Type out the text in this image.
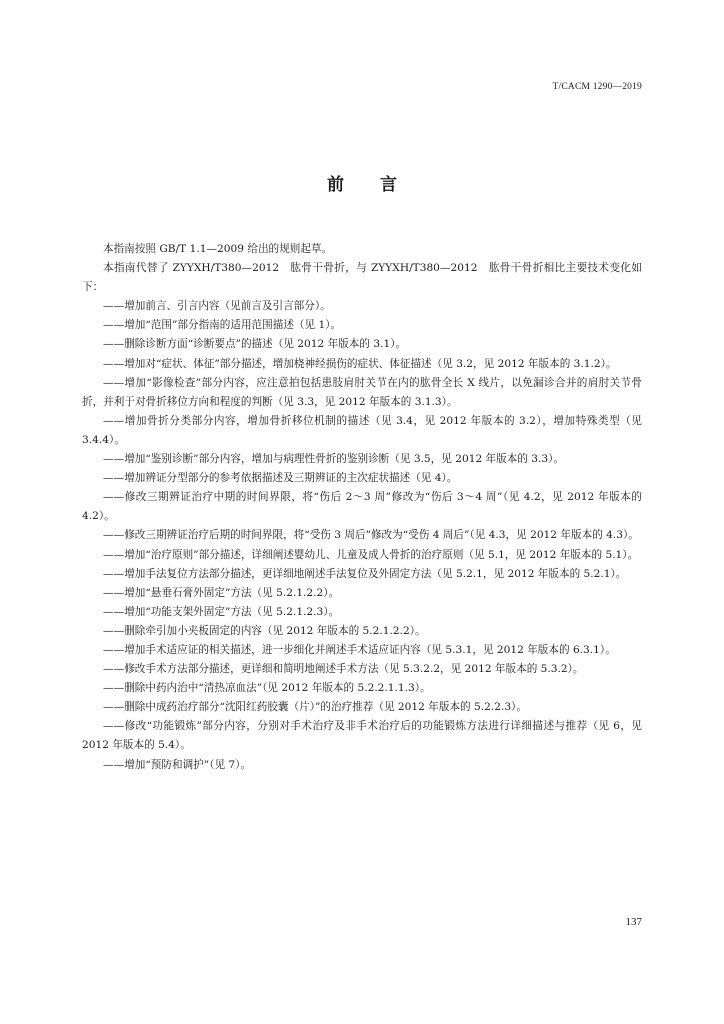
T/CACM 1290—2019
前言

本指南按照 GB/T 1.1—2009 给出的规则起草。

本指南代替了 ZYYXH/T380—2012　肱骨干骨折，与 ZYYXH/T380—2012　肱骨干骨折相比主要技术变化如下：

——增加前言、引言内容（见前言及引言部分）。

——增加“范围”部分指南的适用范围描述（见 1）。

——删除诊断方面“诊断要点”的描述（见 2012 年版本的 3.1）。

——增加对“症状、体征”部分描述，增加桡神经损伤的症状、体征描述（见 3.2，见 2012 年版本的 3.1.2）。

——增加“影像检查”部分内容，应注意拍包括患肢肩肘关节在内的肱骨全长 X 线片，以免漏诊合并的肩肘关节骨折，并利于对骨折移位方向和程度的判断（见 3.3，见 2012 年版本的 3.1.3）。

——增加骨折分类部分内容，增加骨折移位机制的描述（见 3.4，见 2012 年版本的 3.2），增加特殊类型（见 3.4.4）。

——增加“鉴别诊断”部分内容，增加与病理性骨折的鉴别诊断（见 3.5，见 2012 年版本的 3.3）。

——增加辨证分型部分的参考依据描述及三期辨证的主次症状描述（见 4）。

——修改三期辨证治疗中期的时间界限，将“伤后 2～3 周”修改为“伤后 3～4 周”（见 4.2，见 2012 年版本的 4.2）。

——修改三期辨证治疗后期的时间界限，将“受伤 3 周后”修改为“受伤 4 周后”（见 4.3，见 2012 年版本的 4.3）。

——增加“治疗原则”部分描述，详细阐述婴幼儿、儿童及成人骨折的治疗原则（见 5.1，见 2012 年版本的 5.1）。

——增加手法复位方法部分描述，更详细地阐述手法复位及外固定方法（见 5.2.1，见 2012 年版本的 5.2.1）。

——增加“悬垂石膏外固定”方法（见 5.2.1.2.2）。

——增加“功能支架外固定”方法（见 5.2.1.2.3）。

——删除牵引加小夹板固定的内容（见 2012 年版本的 5.2.1.2.2）。

——增加手术适应证的相关描述，进一步细化并阐述手术适应证内容（见 5.3.1，见 2012 年版本的 6.3.1）。

——修改手术方法部分描述，更详细和简明地阐述手术方法（见 5.3.2.2，见 2012 年版本的 5.3.2）。

——删除中药内治中“清热凉血法”（见 2012 年版本的 5.2.2.1.1.3）。

——删除中成药治疗部分“沈阳红药胶囊（片）”的治疗推荐（见 2012 年版本的 5.2.2.3）。

——修改“功能锻炼”部分内容，分别对手术治疗及非手术治疗后的功能锻炼方法进行详细描述与推荐（见 6，见 2012 年版本的 5.4）。

——增加“预防和调护”（见 7）。

137
